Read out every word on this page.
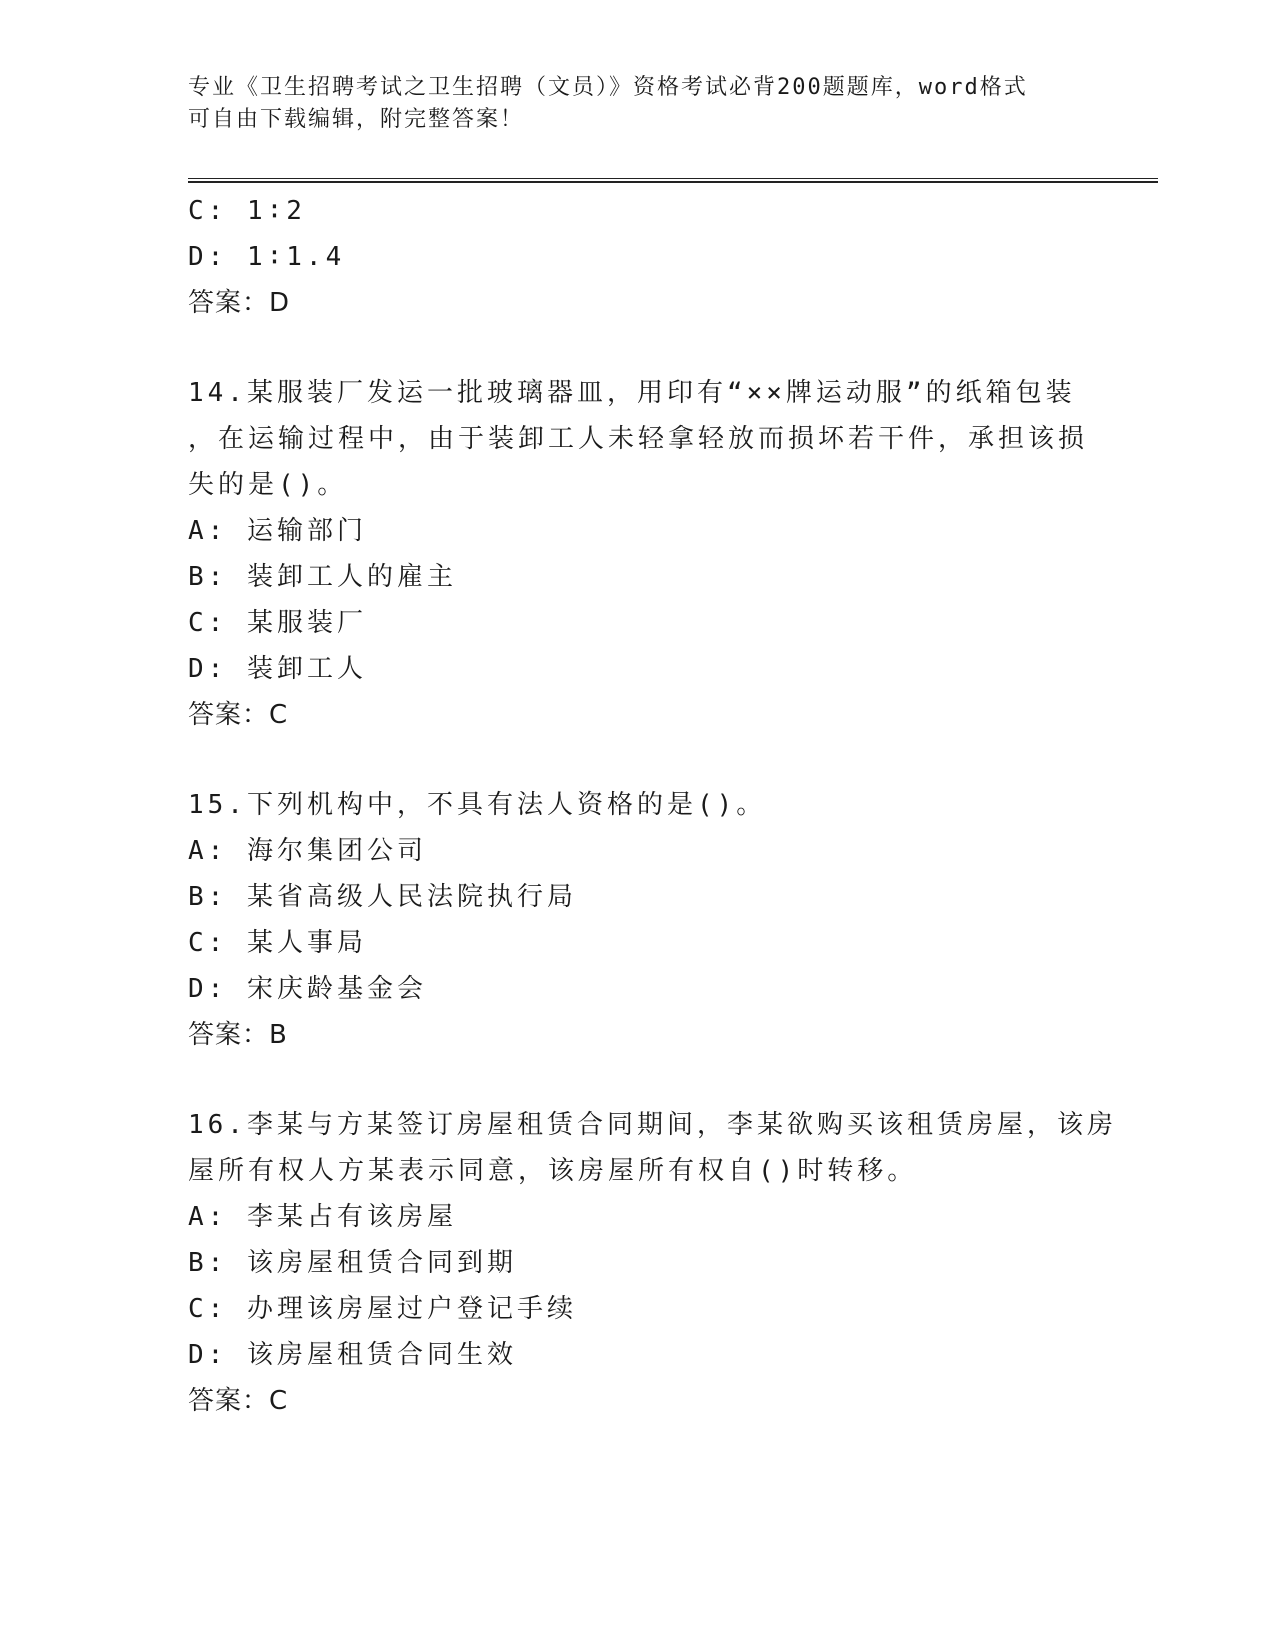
专业《卫生招聘考试之卫生招聘（文员）》资格考试必背200题题库，word格式
可自由下载编辑，附完整答案！
C: 1∶2
D: 1∶1.4
答案：D
14.某服装厂发运一批玻璃器皿，用印有“××牌运动服”的纸箱包装
，在运输过程中，由于装卸工人未轻拿轻放而损坏若干件，承担该损
失的是()。
A: 运输部门
B: 装卸工人的雇主
C: 某服装厂
D: 装卸工人
答案：C
15.下列机构中，不具有法人资格的是()。
A: 海尔集团公司
B: 某省高级人民法院执行局
C: 某人事局
D: 宋庆龄基金会
答案：B
16.李某与方某签订房屋租赁合同期间，李某欲购买该租赁房屋，该房
屋所有权人方某表示同意，该房屋所有权自()时转移。
A: 李某占有该房屋
B: 该房屋租赁合同到期
C: 办理该房屋过户登记手续
D: 该房屋租赁合同生效
答案：C
